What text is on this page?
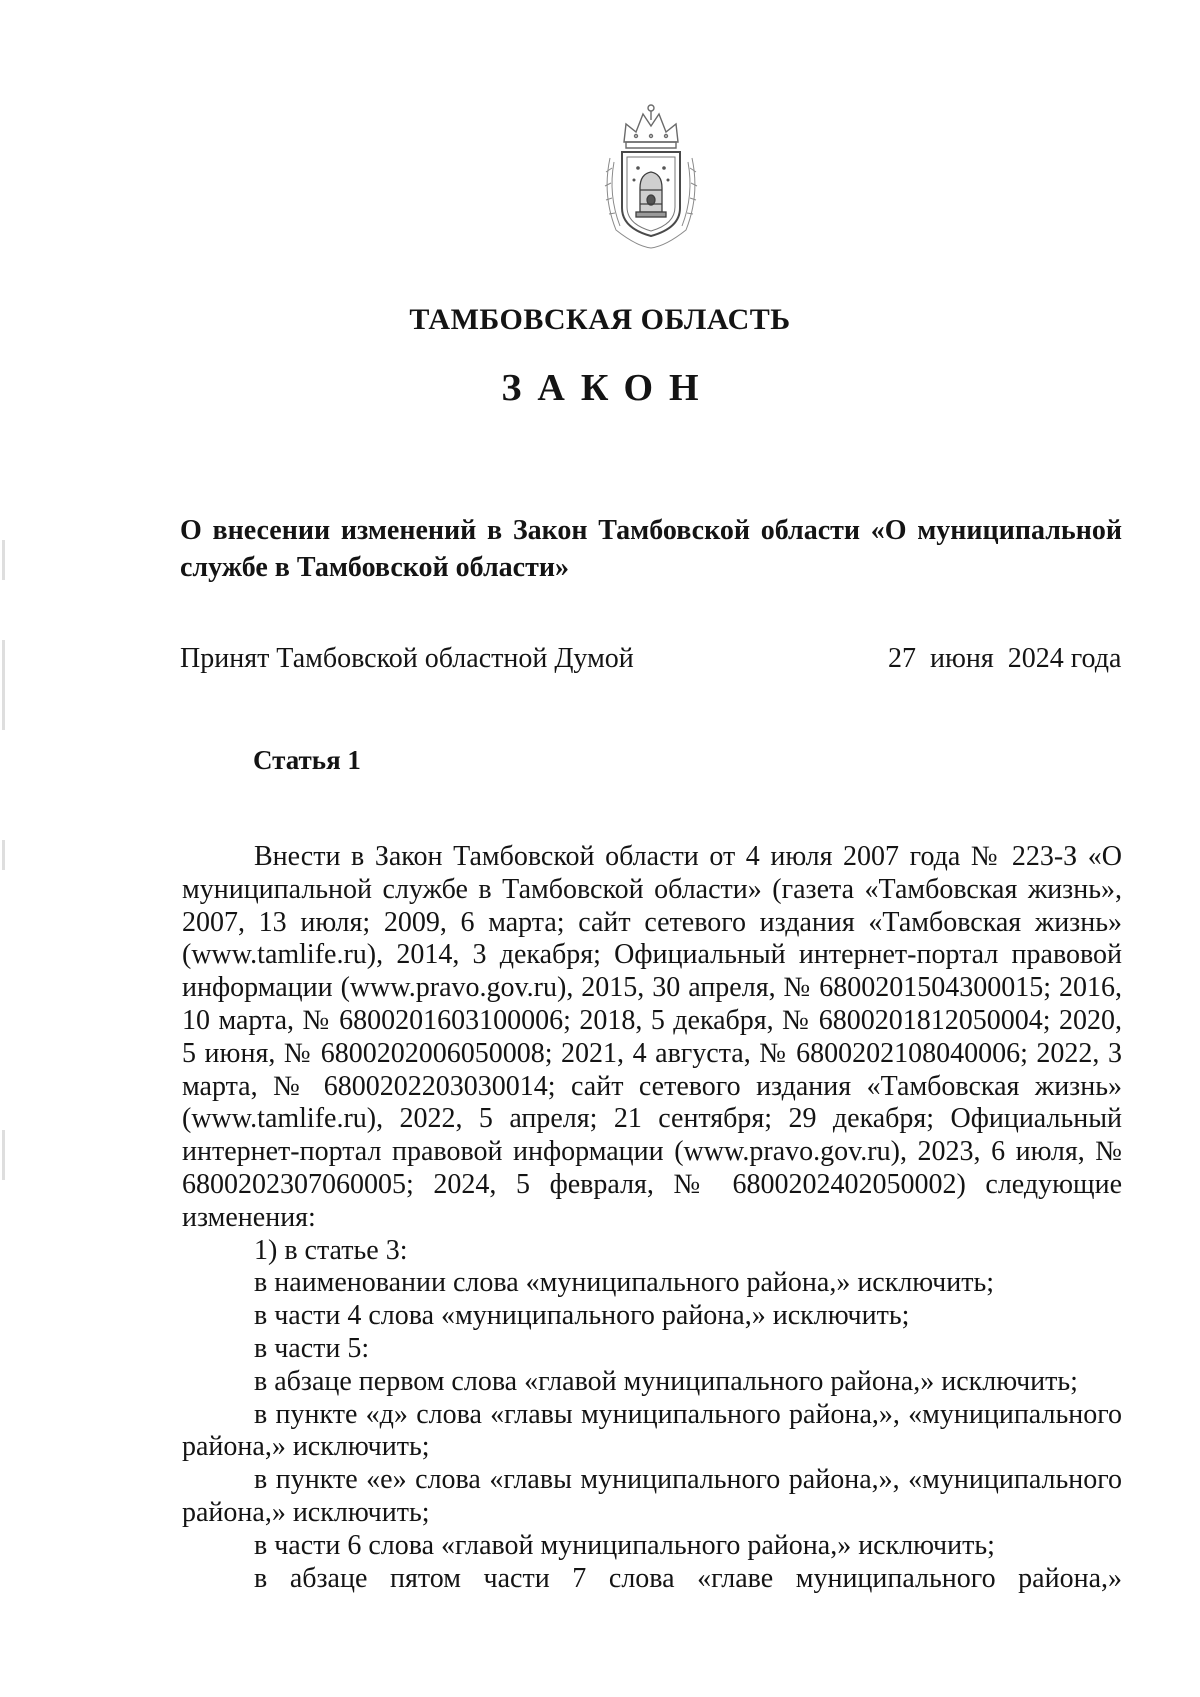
ТАМБОВСКАЯ ОБЛАСТЬ
ЗАКОН
О внесении изменений в Закон Тамбовской области «О муниципальной службе в Тамбовской области»
Принят Тамбовской областной Думой	27  июня  2024 года
Статья 1

Внести в Закон Тамбовской области от 4 июля 2007 года № 223-З «О муниципальной службе в Тамбовской области» (газета «Тамбовская жизнь», 2007, 13 июля; 2009, 6 марта; сайт сетевого издания «Тамбовская жизнь» (www.tamlife.ru), 2014, 3 декабря; Официальный интернет-портал правовой информации (www.pravo.gov.ru), 2015, 30 апреля, № 6800201504300015; 2016, 10 марта, № 6800201603100006; 2018, 5 декабря, № 6800201812050004; 2020, 5 июня, № 6800202006050008; 2021, 4 августа, № 6800202108040006; 2022, 3 марта, № 6800202203030014; сайт сетевого издания «Тамбовская жизнь» (www.tamlife.ru), 2022, 5 апреля; 21 сентября; 29 декабря; Официальный интернет-портал правовой информации (www.pravo.gov.ru), 2023, 6 июля, № 6800202307060005; 2024, 5 февраля, № 6800202402050002) следующие изменения:

1) в статье 3:

в наименовании слова «муниципального района,» исключить;

в части 4 слова «муниципального района,» исключить;

в части 5:

в абзаце первом слова «главой муниципального района,» исключить;

в пункте «д» слова «главы муниципального района,», «муниципального района,» исключить;

в пункте «е» слова «главы муниципального района,», «муниципального района,» исключить;

в части 6 слова «главой муниципального района,» исключить;

в абзаце пятом части 7 слова «главе муниципального района,»
